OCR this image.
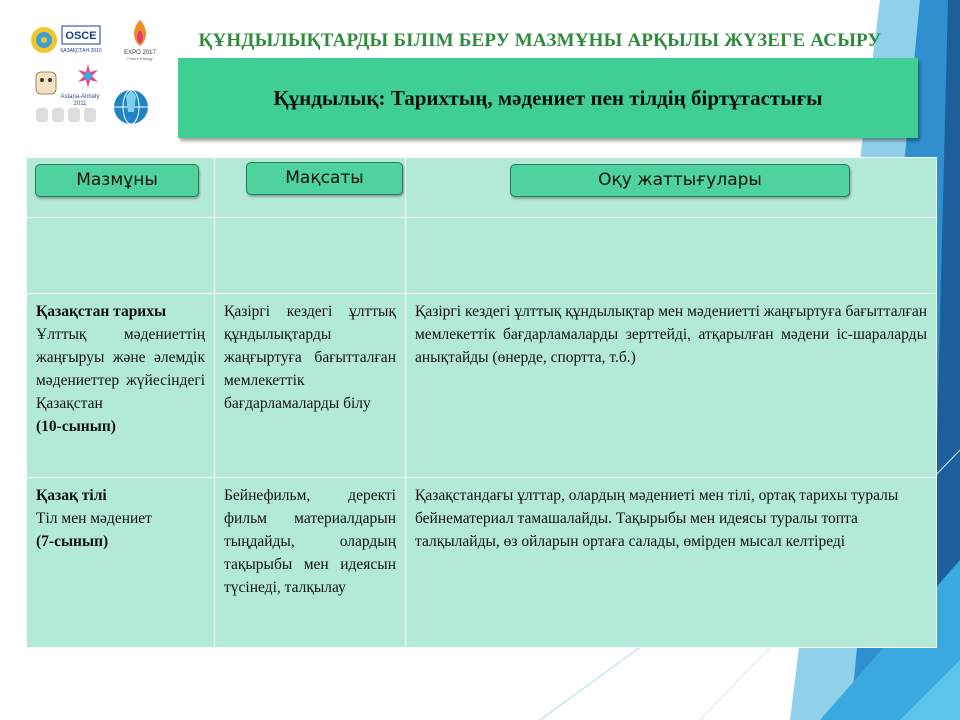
OSCE
ҚАЗАҚСТАН 2010	EXPO 2017
Future Energy
Astana-Almaty
2011
ҚҰНДЫЛЫҚТАРДЫ БІЛІМ БЕРУ МАЗМҰНЫ АРҚЫЛЫ ЖҮЗЕГЕ АСЫРУ
Құндылық: Тарихтың, мәдениет пен тілдің біртұтастығы
Мазмұны	Мақсаты	Оқу жаттығулары

Қазақстан тарихы
Ұлттық мәдениеттің жаңғыруы және әлемдік мәдениеттер жүйесіндегі Қазақстан
(10-сынып)	Қазіргі кездегі ұлттық құндылықтарды жаңғыртуға бағытталған мемлекеттік бағдарламаларды білу	Қазіргі кездегі ұлттық құндылықтар мен мәдениетті жаңғыртуға бағытталған мемлекеттік бағдарламаларды зерттейді, атқарылған мәдени іс-шараларды анықтайды (өнерде, спортта, т.б.)

Қазақ тілі
Тіл мен мәдениет
(7-сынып)	Бейнефильм, деректі фильм материалдарын тыңдайды, олардың тақырыбы мен идеясын түсінеді, талқылау	Қазақстандағы ұлттар, олардың мәдениеті мен тілі, ортақ тарихы туралы бейнематериал тамашалайды. Тақырыбы мен идеясы туралы топта талқылайды, өз ойларын ортаға салады, өмірден мысал келтіреді
